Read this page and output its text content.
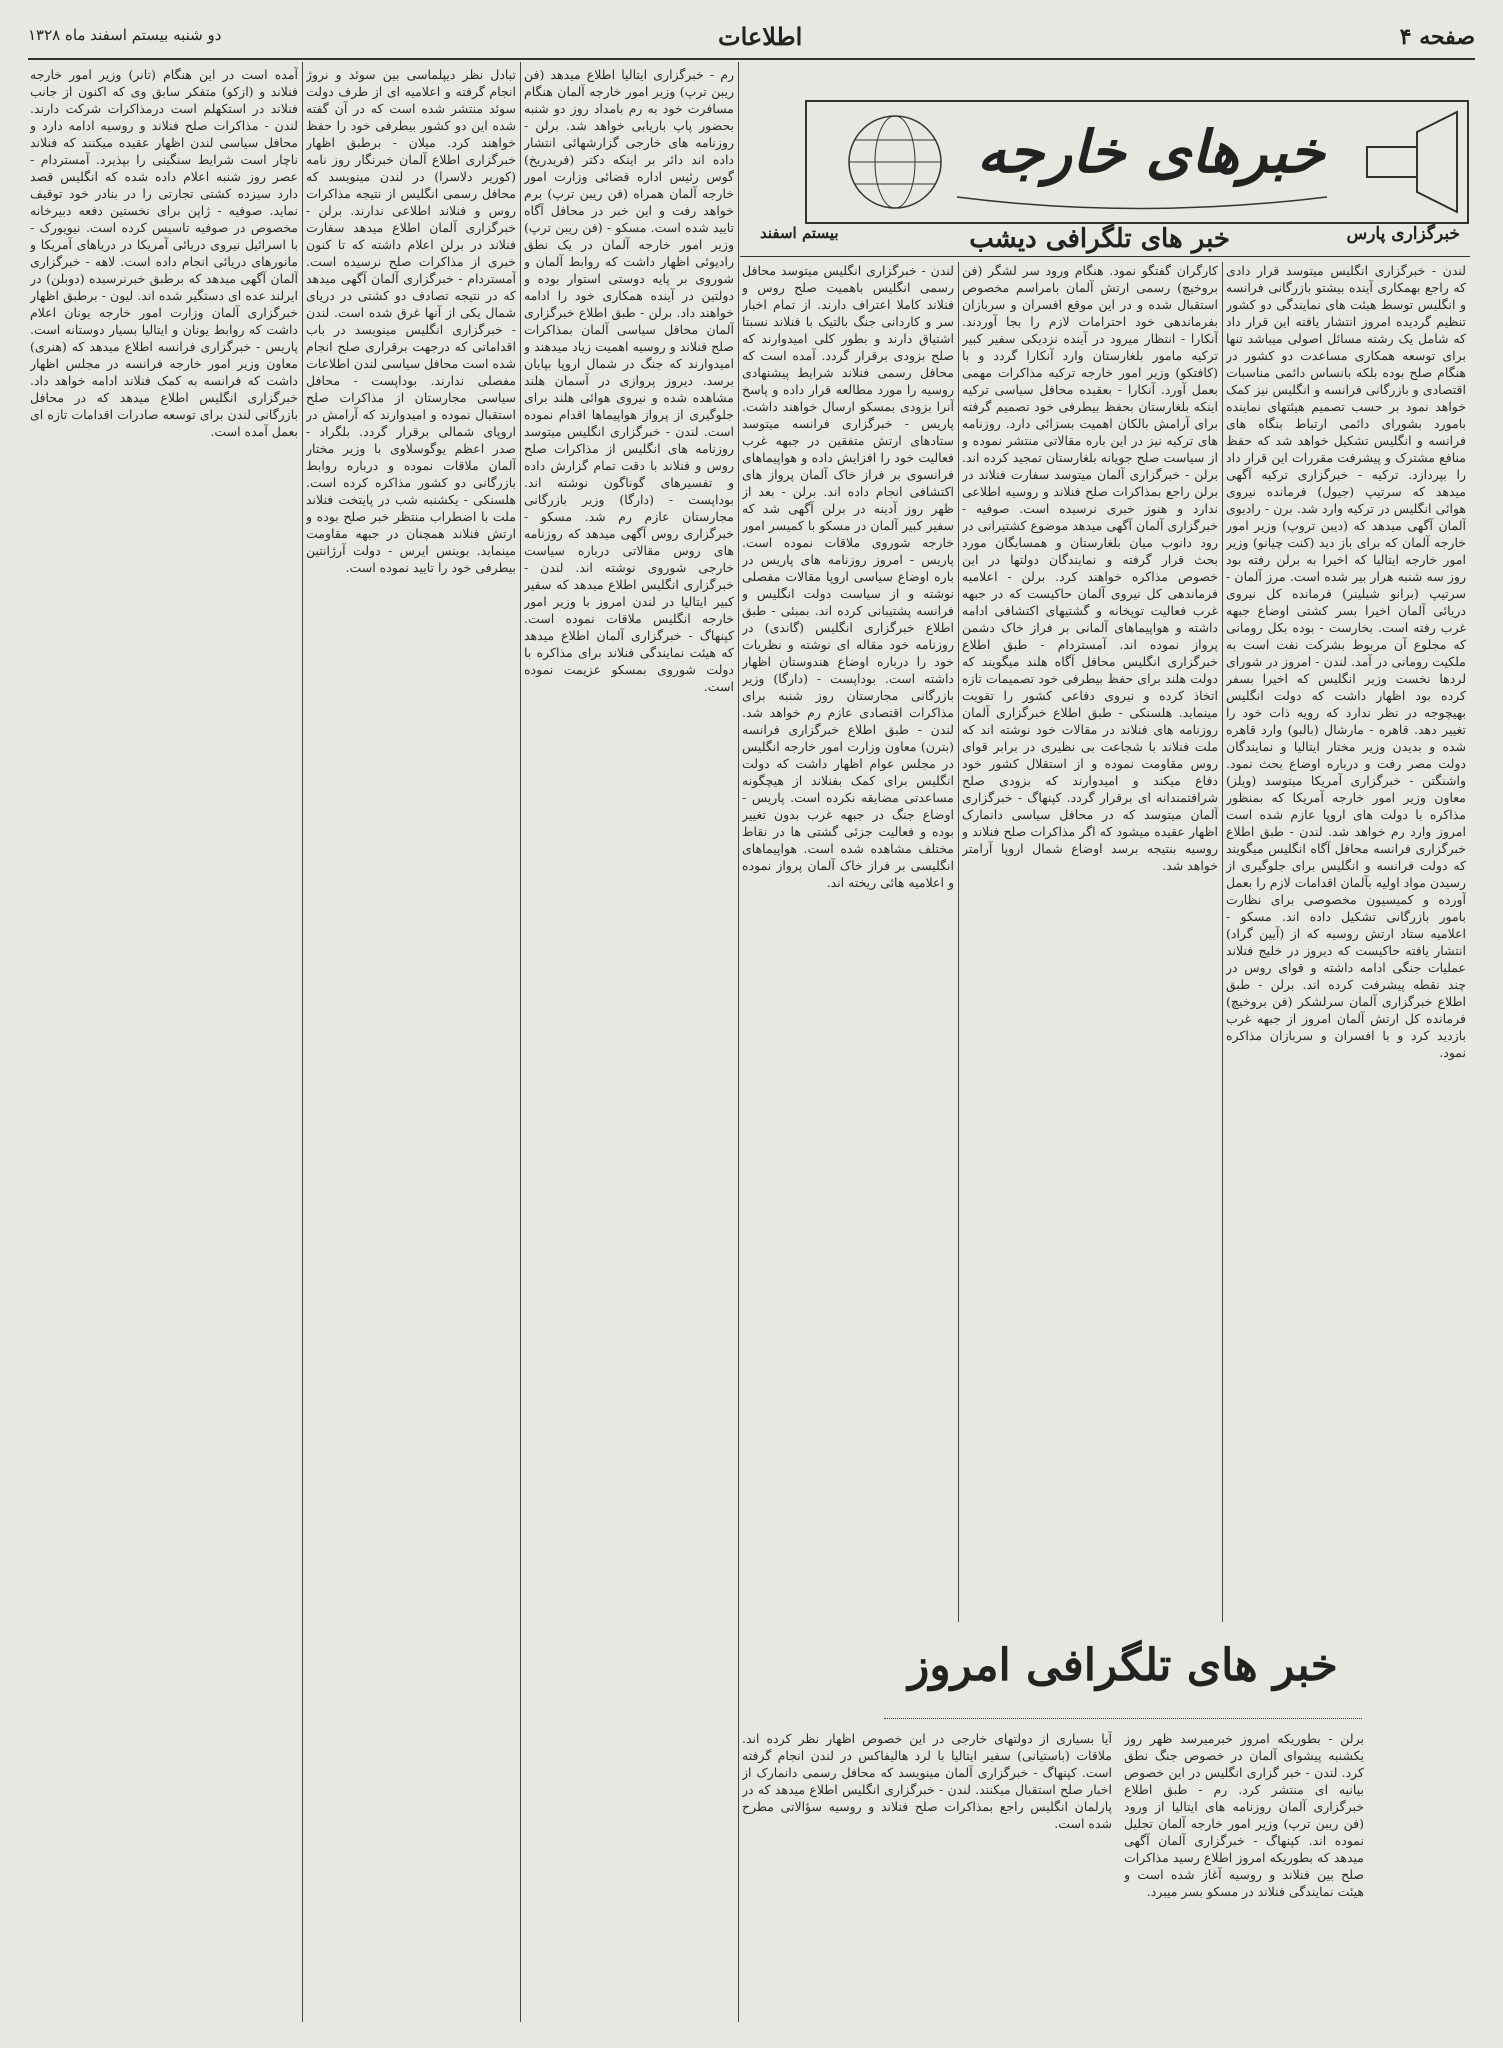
دو شنبه بیستم اسفند ماه ۱۳۲۸	اطلاعات	صفحه ۴
خبرهای خارجه
خبرگزاری پارس
خبر های تلگرافی دیشب
بیستم اسفند
لندن - خبرگزاری انگلیس میتوسد قرار دادی که راجع بهمکاری آینده بیشتو بازرگانی فرانسه و انگلیس توسط هیئت های نمایندگی دو کشور تنظیم گردیده امروز انتشار یافته این قرار داد که شامل یک رشته مسائل اصولی میباشد تنها برای توسعه همکاری مساعدت دو کشور در هنگام صلح بوده بلکه بانساس دائمی مناسبات اقتصادی و بازرگانی فرانسه و انگلیس نیز کمک خواهد نمود بر حسب تصمیم هیئتهای نماینده بامورد بشورای دائمی ارتباط بنگاه های فرانسه و انگلیس تشکیل خواهد شد که حفظ منافع مشترک و پیشرفت مقررات این قرار داد را بپردازد. ترکیه - خبرگزاری ترکیه آگهی میدهد که سرتیپ (جیول) فرمانده نیروی هوائی انگلیس در ترکیه وارد شد. برن - رادیوی آلمان آگهی میدهد که (دیبن تروپ) وزیر امور خارجه آلمان که برای باز دید (کنت چیانو) وزیر امور خارجه ایتالیا که اخیرا به برلن رفته بود روز سه شنبه هرار بیر شده است. مرز آلمان - سرتیپ (برانو شیلینر) فرمانده کل نیروی دریائی آلمان اخیرا بسر کشتی اوضاع جبهه غرب رفته است. بخارست - بوده بکل رومانی که مجلوع آن مربوط بشرکت نفت است به ملکیت رومانی در آمد. لندن - امروز در شورای لردها نخست وزیر انگلیس که اخیرا بسفر کرده بود اظهار داشت که دولت انگلیس بهیچوجه در نظر ندارد که رویه ذات خود را تغییر دهد. قاهره - مارشال (بالبو) وارد قاهره شده و بدیدن وزیر مختار ایتالیا و نمایندگان دولت مصر رفت و درباره اوضاع بحث نمود. واشنگتن - خبرگزاری آمریکا میتوسد (ویلز) معاون وزیر امور خارجه آمریکا که بمنظور مذاکره با دولت های اروپا عازم شده است امروز وارد رم خواهد شد. لندن - طبق اطلاع خبرگزاری فرانسه محافل آگاه انگلیس میگویند که دولت فرانسه و انگلیس برای جلوگیری از رسیدن مواد اولیه بآلمان اقدامات لازم را بعمل آورده و کمیسیون مخصوصی برای نظارت بامور بازرگانی تشکیل داده اند. مسکو - اعلامیه ستاد ارتش روسیه که از (آیین گراد) انتشار یافته حاکیست که دیروز در خلیج فنلاند عملیات جنگی ادامه داشته و قوای روس در چند نقطه پیشرفت کرده اند. برلن - طبق اطلاع خبرگزاری آلمان سرلشکر (فن بروخیچ) فرمانده کل ارتش آلمان امروز از جبهه غرب بازدید کرد و با افسران و سربازان مذاکره نمود.
کارگران گفتگو نمود. هنگام ورود سر لشگر (فن بروخیچ) رسمی ارتش آلمان بامراسم مخصوص استقبال شده و در این موقع افسران و سربازان بفرماندهی خود احترامات لازم را بجا آوردند. آنکارا - انتظار میرود در آینده نزدیکی سفیر کبیر ترکیه مامور بلغارستان وارد آنکارا گردد و با (کافتکو) وزیر امور خارجه ترکیه مذاکرات مهمی بعمل آورد. آنکارا - بعقیده محافل سیاسی ترکیه اینکه بلغارستان بحفظ بیطرفی خود تصمیم گرفته برای آرامش بالکان اهمیت بسزائی دارد. روزنامه های ترکیه نیز در این باره مقالاتی منتشر نموده و از سیاست صلح جویانه بلغارستان تمجید کرده اند. برلن - خبرگزاری آلمان میتوسد سفارت فنلاند در برلن راجع بمذاکرات صلح فنلاند و روسیه اطلاعی ندارد و هنوز خبری نرسیده است. صوفیه - خبرگزاری آلمان آگهی میدهد موضوع کشتیرانی در رود دانوب میان بلغارستان و همسایگان مورد بحث قرار گرفته و نمایندگان دولتها در این خصوص مذاکره خواهند کرد. برلن - اعلامیه فرماندهی کل نیروی آلمان حاکیست که در جبهه غرب فعالیت توپخانه و گشتیهای اکتشافی ادامه داشته و هواپیماهای آلمانی بر فراز خاک دشمن پرواز نموده اند. آمستردام - طبق اطلاع خبرگزاری انگلیس محافل آگاه هلند میگویند که دولت هلند برای حفظ بیطرفی خود تصمیمات تازه اتخاذ کرده و نیروی دفاعی کشور را تقویت مینماید. هلسنکی - طبق اطلاع خبرگزاری آلمان روزنامه های فنلاند در مقالات خود نوشته اند که ملت فنلاند با شجاعت بی نظیری در برابر قوای روس مقاومت نموده و از استقلال کشور خود دفاع میکند و امیدوارند که بزودی صلح شرافتمندانه ای برقرار گردد. کپنهاگ - خبرگزاری آلمان میتوسد که در محافل سیاسی دانمارک اظهار عقیده میشود که اگر مذاکرات صلح فنلاند و روسیه بنتیجه برسد اوضاع شمال اروپا آرامتر خواهد شد.
لندن - خبرگزاری انگلیس میتوسد محافل رسمی انگلیس باهمیت صلح روس و فنلاند کاملا اعتراف دارند. از تمام اخبار سر و کاردانی جنگ بالتیک با فنلاند نسبتا اشتیاق دارند و بطور کلی امیدوارند که صلح بزودی برقرار گردد. آمده است که محافل رسمی فنلاند شرایط پیشنهادی روسیه را مورد مطالعه قرار داده و پاسخ آنرا بزودی بمسکو ارسال خواهند داشت. پاریس - خبرگزاری فرانسه میتوسد ستادهای ارتش متفقین در جبهه غرب فعالیت خود را افزایش داده و هواپیماهای فرانسوی بر فراز خاک آلمان پرواز های اکتشافی انجام داده اند. برلن - بعد از ظهر روز آدینه در برلن آگهی شد که سفیر کبیر آلمان در مسکو با کمیسر امور خارجه شوروی ملاقات نموده است. پاریس - امروز روزنامه های پاریس در باره اوضاع سیاسی اروپا مقالات مفصلی نوشته و از سیاست دولت انگلیس و فرانسه پشتیبانی کرده اند. بمبئی - طبق اطلاع خبرگزاری انگلیس (گاندی) در روزنامه خود مقاله ای نوشته و نظریات خود را درباره اوضاع هندوستان اظهار داشته است. بوداپست - (دارگا) وزیر بازرگانی مجارستان روز شنبه برای مذاکرات اقتصادی عازم رم خواهد شد. لندن - طبق اطلاع خبرگزاری فرانسه (بترن) معاون وزارت امور خارجه انگلیس در مجلس عوام اظهار داشت که دولت انگلیس برای کمک بفنلاند از هیچگونه مساعدتی مضایقه نکرده است. پاریس - اوضاع جنگ در جبهه غرب بدون تغییر بوده و فعالیت جزئی گشتی ها در نقاط مختلف مشاهده شده است. هواپیماهای انگلیسی بر فراز خاک آلمان پرواز نموده و اعلامیه هائی ریخته اند.
رم - خبرگزاری ایتالیا اطلاع میدهد (فن ریبن ترپ) وزیر امور خارجه آلمان هنگام مسافرت خود به رم بامداد روز دو شنبه بحضور پاپ باریابی خواهد شد. برلن - روزنامه های خارجی گزارشهائی انتشار داده اند دائر بر اینکه دکتر (فریدریخ) گوس رئیس اداره قضائی وزارت امور خارجه آلمان همراه (فن ریبن ترپ) برم خواهد رفت و این خبر در محافل آگاه تایید شده است. مسکو - (فن ریبن ترپ) وزیر امور خارجه آلمان در یک نطق رادیوئی اظهار داشت که روابط آلمان و شوروی بر پایه دوستی استوار بوده و دولتین در آینده همکاری خود را ادامه خواهند داد. برلن - طبق اطلاع خبرگزاری آلمان محافل سیاسی آلمان بمذاکرات صلح فنلاند و روسیه اهمیت زیاد میدهند و امیدوارند که جنگ در شمال اروپا بپایان برسد. دیروز پروازی در آسمان هلند مشاهده شده و نیروی هوائی هلند برای جلوگیری از پرواز هواپیماها اقدام نموده است. لندن - خبرگزاری انگلیس میتوسد روزنامه های انگلیس از مذاکرات صلح روس و فنلاند با دقت تمام گزارش داده و تفسیرهای گوناگون نوشته اند. بوداپست - (دارگا) وزیر بازرگانی مجارستان عازم رم شد. مسکو - خبرگزاری روس آگهی میدهد که روزنامه های روس مقالاتی درباره سیاست خارجی شوروی نوشته اند. لندن - خبرگزاری انگلیس اطلاع میدهد که سفیر کبیر ایتالیا در لندن امروز با وزیر امور خارجه انگلیس ملاقات نموده است. کپنهاگ - خبرگزاری آلمان اطلاع میدهد که هیئت نمایندگی فنلاند برای مذاکره با دولت شوروی بمسکو عزیمت نموده است.
تبادل نظر دیپلماسی بین سوئد و نروژ انجام گرفته و اعلامیه ای از طرف دولت سوئد منتشر شده است که در آن گفته شده این دو کشور بیطرفی خود را حفظ خواهند کرد. میلان - برطبق اظهار خبرگزاری اطلاع آلمان خبرنگار روز نامه (کوریر دلاسرا) در لندن مینویسد که محافل رسمی انگلیس از نتیجه مذاکرات روس و فنلاند اطلاعی ندارند. برلن - خبرگزاری آلمان اطلاع میدهد سفارت فنلاند در برلن اعلام داشته که تا کنون خبری از مذاکرات صلح نرسیده است. آمستردام - خبرگزاری آلمان آگهی میدهد که در نتیجه تصادف دو کشتی در دریای شمال یکی از آنها غرق شده است. لندن - خبرگزاری انگلیس مینویسد در باب اقداماتی که درجهت برقراری صلح انجام شده است محافل سیاسی لندن اطلاعات مفصلی ندارند. بوداپست - محافل سیاسی مجارستان از مذاکرات صلح استقبال نموده و امیدوارند که آرامش در اروپای شمالی برقرار گردد. بلگراد - صدر اعظم یوگوسلاوی با وزیر مختار آلمان ملاقات نموده و درباره روابط بازرگانی دو کشور مذاکره کرده است. هلسنکی - یکشنبه شب در پایتخت فنلاند ملت با اضطراب منتظر خبر صلح بوده و ارتش فنلاند همچنان در جبهه مقاومت مینماید. بوینس ایرس - دولت آرژانتین بیطرفی خود را تایید نموده است.
آمده است در این هنگام (تانر) وزیر امور خارجه فنلاند و (ازکو) متفکر سابق وی که اکنون از جانب فنلاند در استکهلم است درمذاکرات شرکت دارند. لندن - مذاکرات صلح فنلاند و روسیه ادامه دارد و محافل سیاسی لندن اظهار عقیده میکنند که فنلاند ناچار است شرایط سنگینی را بپذیرد. آمستردام - عصر روز شنبه اعلام داده شده که انگلیس قصد دارد سیزده کشتی تجارتی را در بنادر خود توقیف نماید. صوفیه - ژاپن برای نخستین دفعه دبیرخانه مخصوص در صوفیه تاسیس کرده است. نیویورک - با اسرائیل نیروی دریائی آمریکا در دریاهای آمریکا و مانورهای دریائی انجام داده است. لاهه - خبرگزاری آلمان آگهی میدهد که برطبق خبرنرسیده (دوبلن) در ایرلند عده ای دستگیر شده اند. لیون - برطبق اظهار خبرگزاری آلمان وزارت امور خارجه یونان اعلام داشت که روابط یونان و ایتالیا بسیار دوستانه است. پاریس - خبرگزاری فرانسه اطلاع میدهد که (هنری) معاون وزیر امور خارجه فرانسه در مجلس اظهار داشت که فرانسه به کمک فنلاند ادامه خواهد داد. خبرگزاری انگلیس اطلاع میدهد که در محافل بازرگانی لندن برای توسعه صادرات اقدامات تازه ای بعمل آمده است.
خبر های تلگرافی امروز
برلن - بطوریکه امروز خبرمیرسد ظهر روز یکشنبه پیشوای آلمان در خصوص جنگ نطق کرد. لندن - خبر گزاری انگلیس در این خصوص بیانیه ای منتشر کرد. رم - طبق اطلاع خبرگزاری آلمان روزنامه های ایتالیا از ورود (فن ریبن ترپ) وزیر امور خارجه آلمان تجلیل نموده اند. کپنهاگ - خبرگزاری آلمان آگهی میدهد که بطوریکه امروز اطلاع رسید مذاکرات صلح بین فنلاند و روسیه آغاز شده است و هیئت نمایندگی فنلاند در مسکو بسر میبرد.
آیا بسیاری از دولتهای خارجی در این خصوص اظهار نظر کرده اند. ملاقات (باستیانی) سفیر ایتالیا با لرد هالیفاکس در لندن انجام گرفته است. کپنهاگ - خبرگزاری آلمان مینویسد که محافل رسمی دانمارک از اخبار صلح استقبال میکنند. لندن - خبرگزاری انگلیس اطلاع میدهد که در پارلمان انگلیس راجع بمذاکرات صلح فنلاند و روسیه سؤالاتی مطرح شده است.
